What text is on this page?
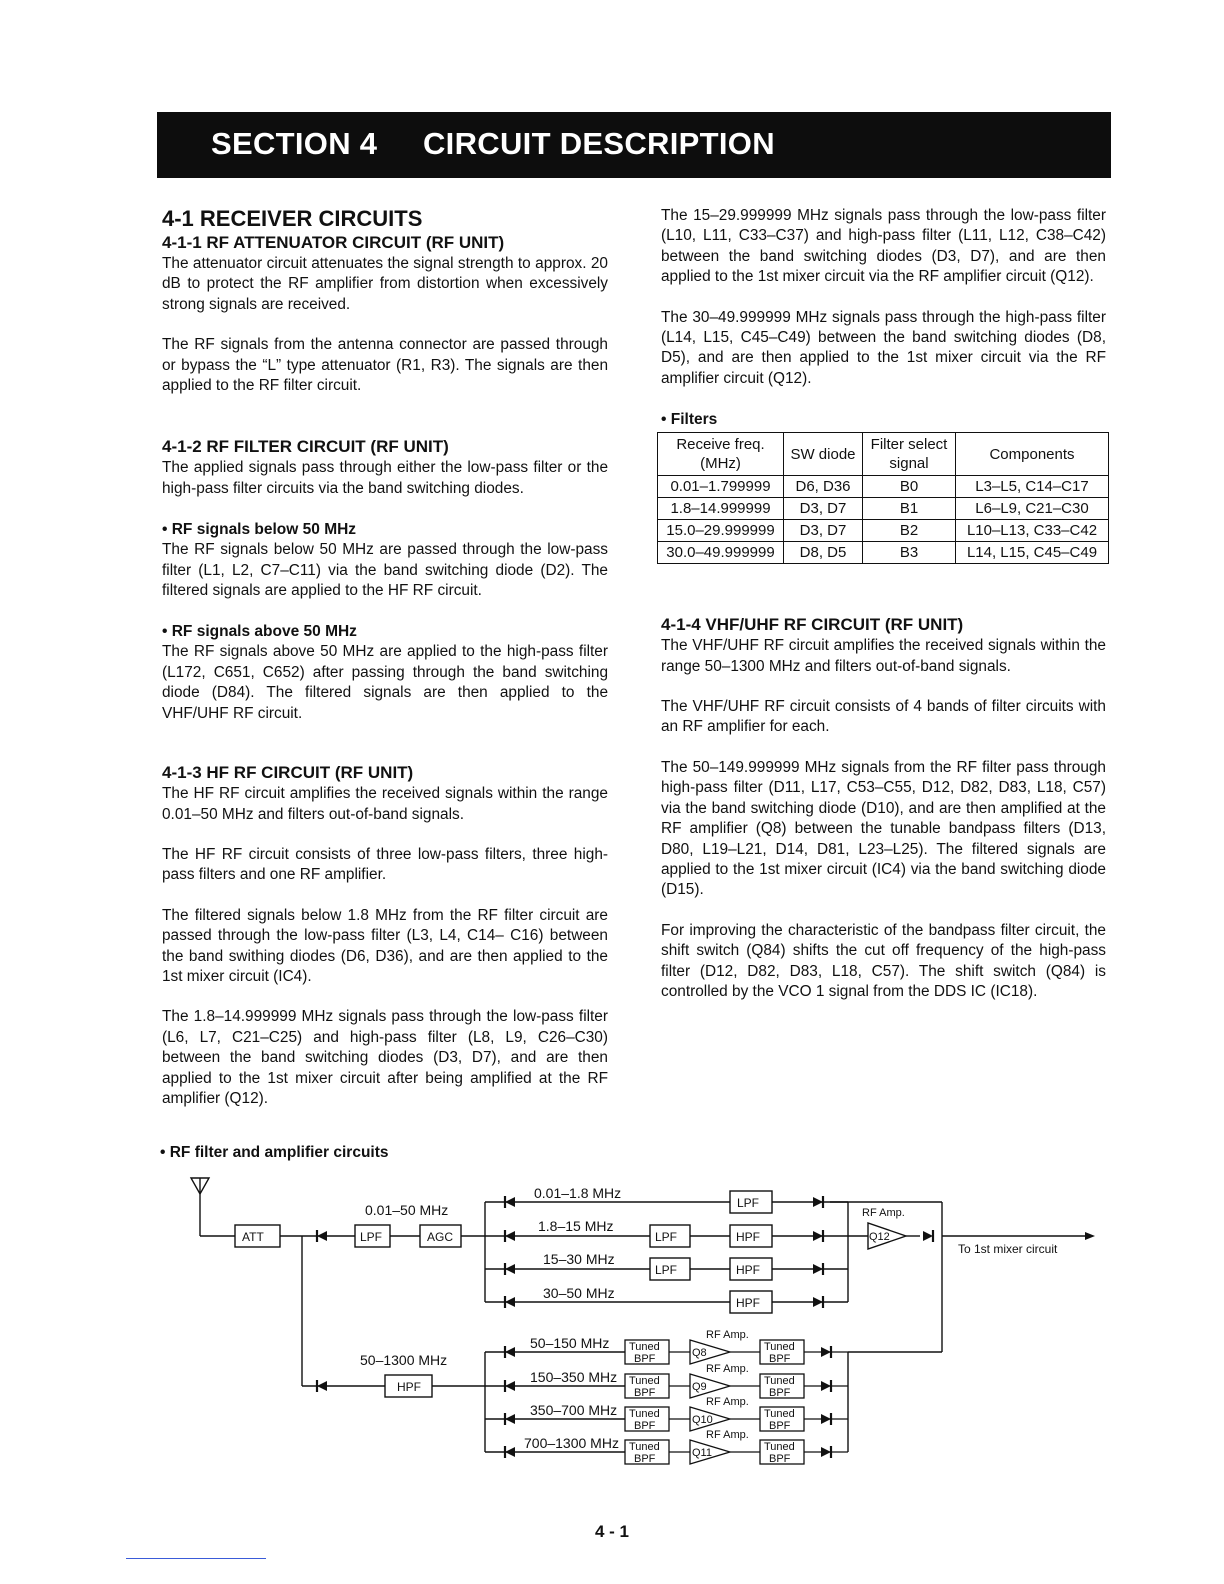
SECTION 4 CIRCUIT DESCRIPTION
4-1 RECEIVER CIRCUITS
4-1-1 RF ATTENUATOR CIRCUIT (RF UNIT)

The attenuator circuit attenuates the signal strength to approx. 20 dB to protect the RF amplifier from distortion when excessively strong signals are received.

The RF signals from the antenna connector are passed through or bypass the “L” type attenuator (R1, R3). The signals are then applied to the RF filter circuit.

4-1-2 RF FILTER CIRCUIT (RF UNIT)

The applied signals pass through either the low-pass filter or the high-pass filter circuits via the band switching diodes.

• RF signals below 50 MHz

The RF signals below 50 MHz are passed through the low-pass filter (L1, L2, C7–C11) via the band switching diode (D2). The filtered signals are applied to the HF RF circuit.

• RF signals above 50 MHz

The RF signals above 50 MHz are applied to the high-pass filter (L172, C651, C652) after passing through the band switching diode (D84). The filtered signals are then applied to the VHF/UHF RF circuit.

4-1-3 HF RF CIRCUIT (RF UNIT)

The HF RF circuit amplifies the received signals within the range 0.01–50 MHz and filters out-of-band signals.

The HF RF circuit consists of three low-pass filters, three high-pass filters and one RF amplifier.

The filtered signals below 1.8 MHz from the RF filter circuit are passed through the low-pass filter (L3, L4, C14– C16) between the band swithing diodes (D6, D36), and are then applied to the 1st mixer circuit (IC4).

The 1.8–14.999999 MHz signals pass through the low-pass filter (L6, L7, C21–C25) and high-pass filter (L8, L9, C26–C30) between the band switching diodes (D3, D7), and are then applied to the 1st mixer circuit after being amplified at the RF amplifier (Q12).

The 15–29.999999 MHz signals pass through the low-pass filter (L10, L11, C33–C37) and high-pass filter (L11, L12, C38–C42) between the band switching diodes (D3, D7), and are then applied to the 1st mixer circuit via the RF amplifier circuit (Q12).

The 30–49.999999 MHz signals pass through the high-pass filter (L14, L15, C45–C49) between the band switching diodes (D8, D5), and are then applied to the 1st mixer circuit via the RF amplifier circuit (Q12).

• Filters
Receive freq. (MHz)	SW diode	Filter select signal	Components
0.01–1.799999	D6, D36	B0	L3–L5, C14–C17
1.8–14.999999	D3, D7	B1	L6–L9, C21–C30
15.0–29.999999	D3, D7	B2	L10–L13, C33–C42
30.0–49.999999	D8, D5	B3	L14, L15, C45–C49
4-1-4 VHF/UHF RF CIRCUIT (RF UNIT)

The VHF/UHF RF circuit amplifies the received signals within the range 50–1300 MHz and filters out-of-band signals.

The VHF/UHF RF circuit consists of 4 bands of filter circuits with an RF amplifier for each.

The 50–149.999999 MHz signals from the RF filter pass through high-pass filter (D11, L17, C53–C55, D12, D82, D83, L18, C57) via the band switching diode (D10), and are then amplified at the RF amplifier (Q8) between the tunable bandpass filters (D13, D80, L19–L21, D14, D81, L23–L25). The filtered signals are applied to the 1st mixer circuit (IC4) via the band switching diode (D15).

For improving the characteristic of the bandpass filter circuit, the shift switch (Q84) shifts the cut off frequency of the high-pass filter (D12, D82, D83, L18, C57). The shift switch (Q84) is controlled by the VCO 1 signal from the DDS IC (IC18).

• RF filter and amplifier circuits
ATT	LPF	AGC
HPF
LPF
LPF	HPF
LPF	HPF
HPF
Q12
RF Amp.
To 1st mixer circuit
0.01–50 MHz
50–1300 MHz
0.01–1.8 MHz
1.8–15 MHz
15–30 MHz
30–50 MHz
50–150 MHz Tuned
BPF
Tuned
BPF
Q8
RF Amp.
150–350 MHz Tuned
BPF
Tuned
BPF
Q9
RF Amp.
350–700 MHz Tuned
BPF
Tuned
BPF
Q10
RF Amp.
700–1300 MHz Tuned
BPF
Tuned
BPF
Q11
RF Amp.
4 - 1
